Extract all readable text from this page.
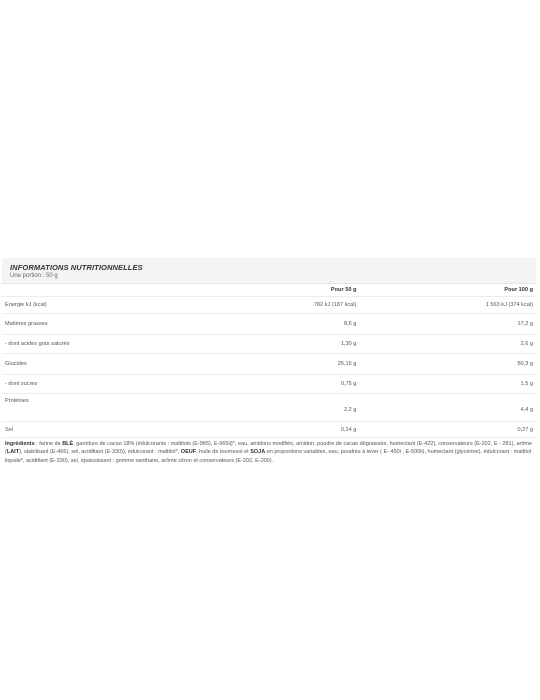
INFORMATIONS NUTRITIONNELLES
Une portion : 50 g
	Pour 50 g	Pour 100 g
Energie kJ (kcal)	782 kJ (187 kcal)	1 563 kJ (374 kcal)
Matières grasses	8,6 g	17,2 g
- dont acides gras saturés	1,30 g	2,6 g
Glucides	25,15 g	50,3 g
- dont sucres	0,75 g	1,5 g
Protéines	2,2 g	4,4 g
Sel	0,14 g	0,27 g
Ingrédients : farine de BLÉ, garniture de cacao 18% (édulcorants : maltitols (E-965), E-965ii)*, eau, amidons modifiés, amidon, poudre de cacao dégraissée, humectant (E-422), conservateurs (E-202, E - 281), arôme (LAIT), stabilisant (E-466), sel, acidifiant (E-330)), édulcorant : maltitol*, OEUF, huile de tournesol et SOJA en proportions variables, eau, poudres à lever ( E- 450i , E-500ii), humectant (glycérine), édulcorant : maltitol liquide*, acidifiant (E-330), sel, épaississant : gomme xanthane, arôme citron et conservateurs (E-202, E-200).
